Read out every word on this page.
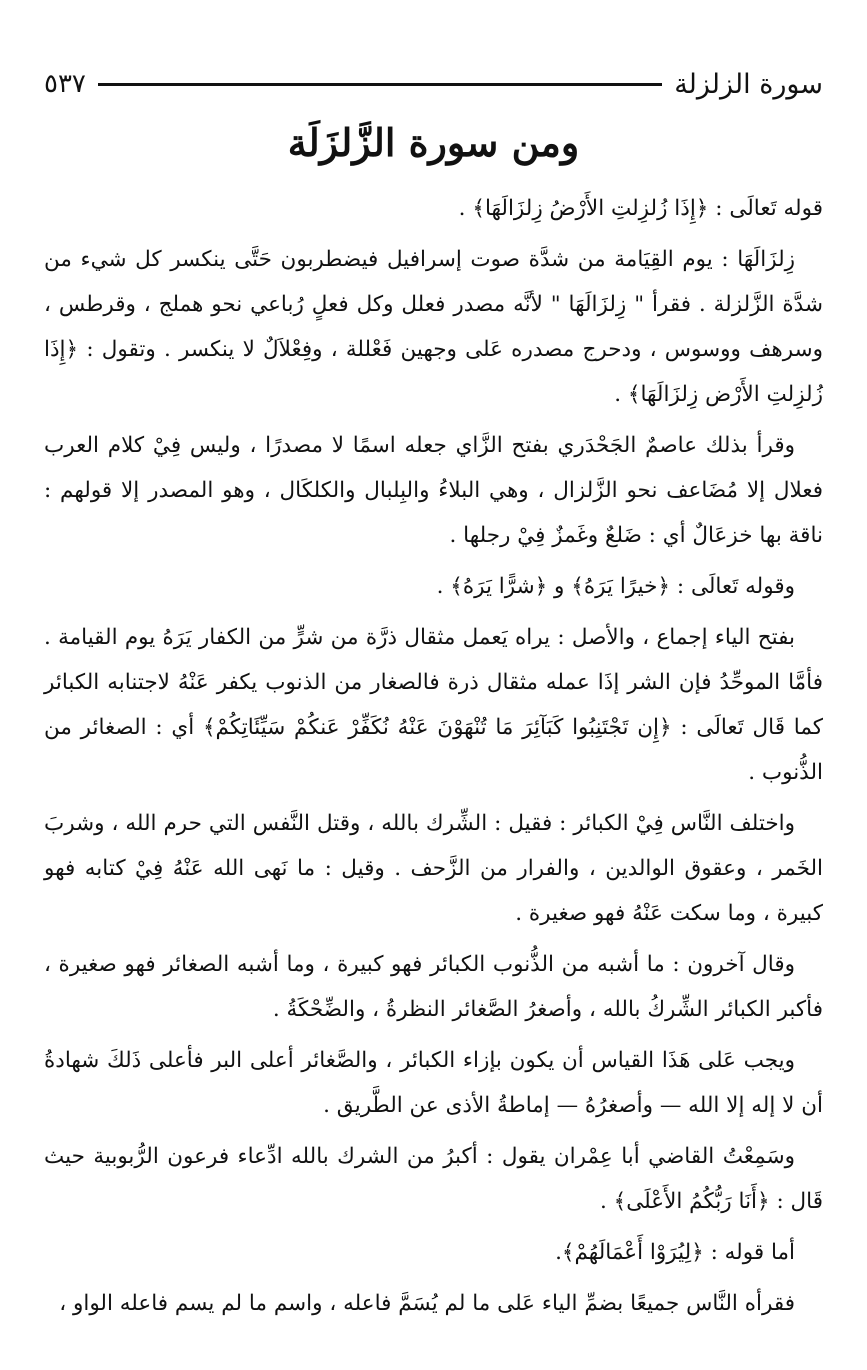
سورة الزلزلة
٥٣٧
ومن سورة الزَّلزَلَة

قوله تَعالَى : ﴿إِذَا زُلزِلتِ الأَرْضُ زِلزَالَهَا﴾ .

زِلزَالَهَا : يوم القِيَامة من شدَّة صوت إسرافيل فيضطربون حَتَّى ينكسر كل شيء من شدَّة الزَّلزلة . فقرأ " زِلزَالَهَا " لأنَّه مصدر فعلل وكل فعلٍ رُباعي نحو هملج ، وقرطس ، وسرهف ووسوس ، ودحرج مصدره عَلى وجهين فَعْللة ، وفِعْلاَلٌ لا ينكسر . وتقول : ﴿إِذَا زُلزِلتِ الأَرْض زِلزَالَهَا﴾ .

وقرأ بذلك عاصمٌ الجَحْدَري بفتح الزَّاي جعله اسمًا لا مصدرًا ، وليس فِيْ كلام العرب فعلال إلا مُضَاعف نحو الزَّلزال ، وهي البلاءُ والبِلبال والكلكَال ، وهو المصدر إلا قولهم : ناقة بها خزعَالٌ أي : ضَلعٌ وغَمزٌ فِيْ رجلها .

وقوله تَعالَى : ﴿خيرًا يَرَهُ﴾ و ﴿شرًّا يَرَهُ﴾ .

بفتح الياء إجماع ، والأصل : يراه يَعمل مثقال ذرَّة من شرٍّ من الكفار يَرَهُ يوم القيامة . فأمَّا الموحِّدُ فإن الشر إذَا عمله مثقال ذرة فالصغار من الذنوب يكفر عَنْهُ لاجتنابه الكبائر كما قَال تَعالَى : ﴿إِن تَجْتَنِبُوا كَبَآئِرَ مَا تُنْهَوْنَ عَنْهُ نُكَفِّرْ عَنكُمْ سَيِّئَاتِكُمْ﴾ أي : الصغائر من الذُّنوب .

واختلف النَّاس فِيْ الكبائر : فقيل : الشِّرك بالله ، وقتل النَّفس التي حرم الله ، وشربَ الخَمر ، وعقوق الوالدين ، والفرار من الزَّحف . وقيل : ما نَهى الله عَنْهُ فِيْ كتابه فهو كبيرة ، وما سكت عَنْهُ فهو صغيرة .

وقال آخرون : ما أشبه من الذُّنوب الكبائر فهو كبيرة ، وما أشبه الصغائر فهو صغيرة ، فأكبر الكبائر الشِّركُ بالله ، وأصغرُ الصَّغائر النظرةُ ، والضِّحْكَةُ .

ويجب عَلى هَذَا القياس أن يكون بإزاء الكبائر ، والصَّغائر أعلى البر فأعلى ذَلكَ شهادةُ أن لا إله إلا الله — وأصغرُهُ — إماطةُ الأذى عن الطَّريق .

وسَمِعْتُ القاضي أبا عِمْران يقول : أكبرُ من الشرك بالله ادِّعاء فرعون الرُّبوبية حيث قَال : ﴿أَنَا رَبُّكُمُ الأَعْلَى﴾ .

أما قوله : ﴿لِيُرَوْا أَعْمَالَهُمْ﴾.

فقرأه النَّاس جميعًا بضمِّ الياء عَلى ما لم يُسَمَّ فاعله ، واسم ما لم يسم فاعله الواو ،
